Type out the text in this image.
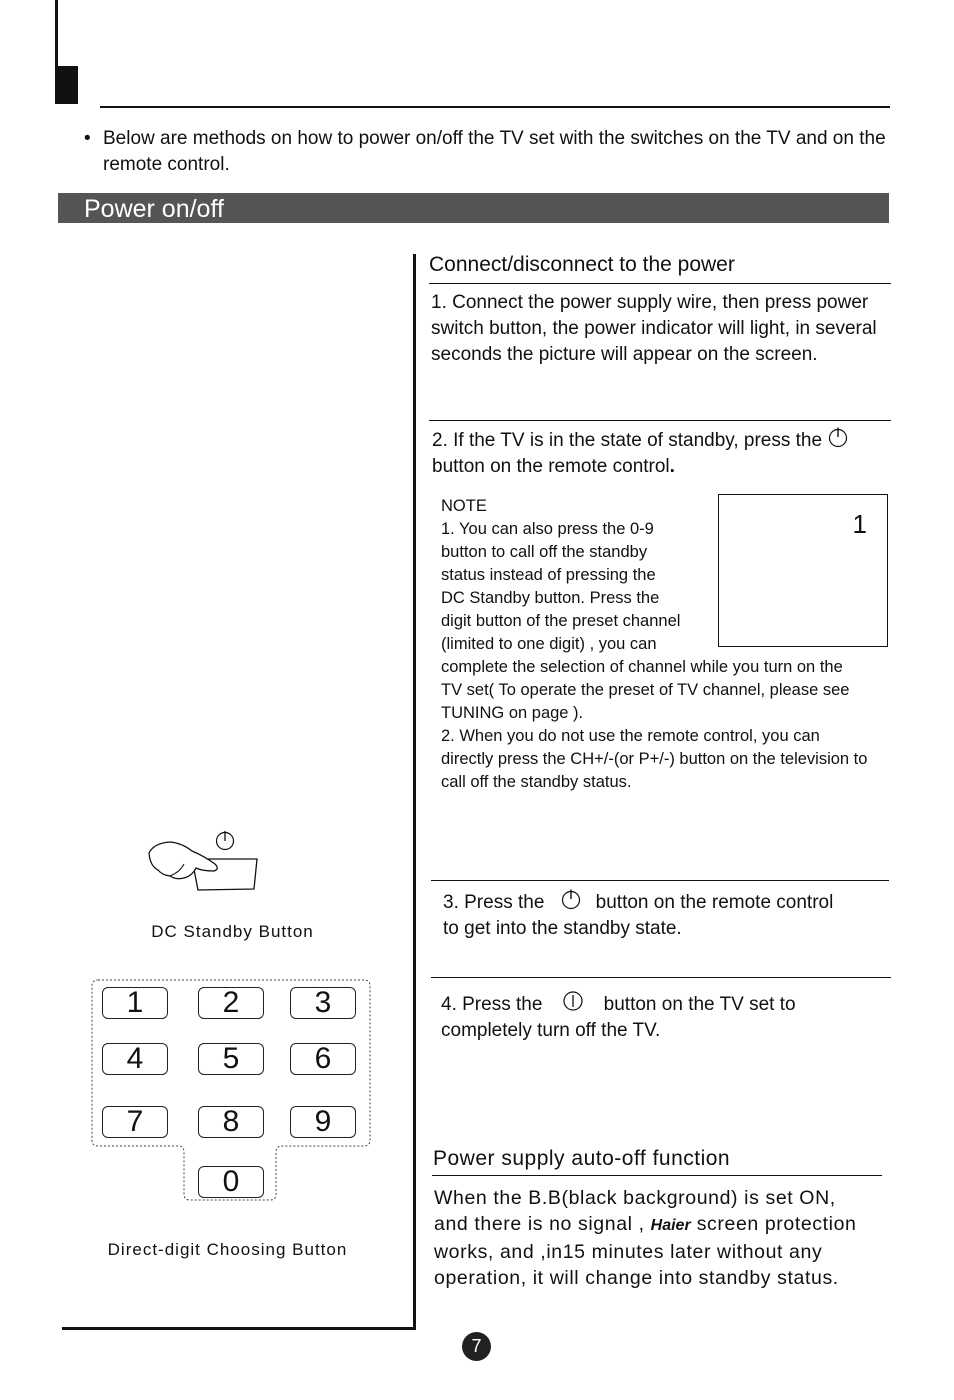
• Below are methods on how to power on/off the TV set with the switches on the TV and on the remote control.
Power on/off
Connect/disconnect to the power
1. Connect the power supply wire, then press power switch button, the power indicator will light, in several seconds the picture will appear on the screen.
2. If the TV is in the state of standby, press the
button on the remote control.

NOTE

1. You can also press the 0-9

button to call off the standby

status instead of pressing the

DC Standby button. Press the

digit button of the preset channel

(limited to one digit) , you can

complete the selection of channel while you turn on the

TV set( To operate the preset of TV channel, please see

TUNING on page ).

2. When you do not use the remote control, you can

directly press the CH+/-(or P+/-) button on the television to

call off the standby status.

1
3. Press the	button on the remote control
to get into the standby state.
4. Press the	button on the TV set to
completely turn off the TV.
Power supply auto-off function
When the B.B(black background) is set ON,
and there is no signal , Haier screen protection
works, and ,in15 minutes later without any
operation, it will change into standby status.
DC Standby Button
1	2	3
4	5	6
7	8	9
0
Direct-digit Choosing Button
7
